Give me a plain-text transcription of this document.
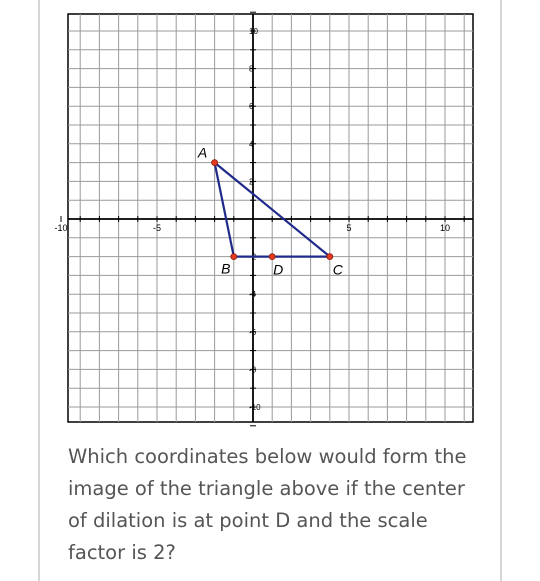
-10	-5	5	10
10
8
6
4
2
-2
-4
-6
-8
-10
A
B	C
D
Which coordinates below would form the image of the triangle above if the center of dilation is at point D and the scale factor is 2?
